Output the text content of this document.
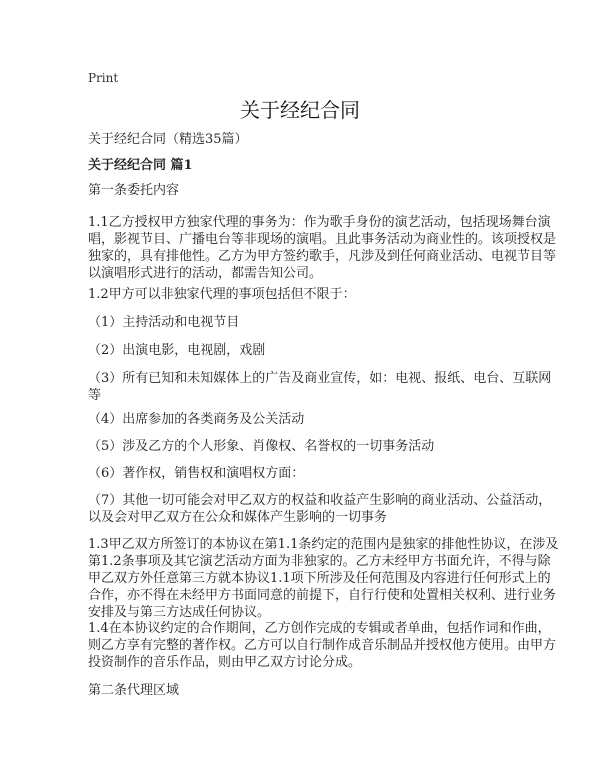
Print
关于经纪合同
关于经纪合同（精选35篇）
关于经纪合同 篇1
第一条委托内容
1.1乙方授权甲方独家代理的事务为：作为歌手身份的演艺活动，包括现场舞台演
唱，影视节目、广播电台等非现场的演唱。且此事务活动为商业性的。该项授权是
独家的，具有排他性。乙方为甲方签约歌手，凡涉及到任何商业活动、电视节目等
以演唱形式进行的活动，都需告知公司。
1.2甲方可以非独家代理的事项包括但不限于：
（1）主持活动和电视节目
（2）出演电影，电视剧，戏剧
（3）所有已知和未知媒体上的广告及商业宣传，如：电视、报纸、电台、互联网
等
（4）出席参加的各类商务及公关活动
（5）涉及乙方的个人形象、肖像权、名誉权的一切事务活动
（6）著作权，销售权和演唱权方面：
（7）其他一切可能会对甲乙双方的权益和收益产生影响的商业活动、公益活动，
以及会对甲乙双方在公众和媒体产生影响的一切事务
1.3甲乙双方所签订的本协议在第1.1条约定的范围内是独家的排他性协议，在涉及
第1.2条事项及其它演艺活动方面为非独家的。乙方未经甲方书面允许，不得与除
甲乙双方外任意第三方就本协议1.1项下所涉及任何范围及内容进行任何形式上的
合作，亦不得在未经甲方书面同意的前提下，自行行使和处置相关权利、进行业务
安排及与第三方达成任何协议。
1.4在本协议约定的合作期间，乙方创作完成的专辑或者单曲，包括作词和作曲，
则乙方享有完整的著作权。乙方可以自行制作成音乐制品并授权他方使用。由甲方
投资制作的音乐作品，则由甲乙双方讨论分成。
第二条代理区域
